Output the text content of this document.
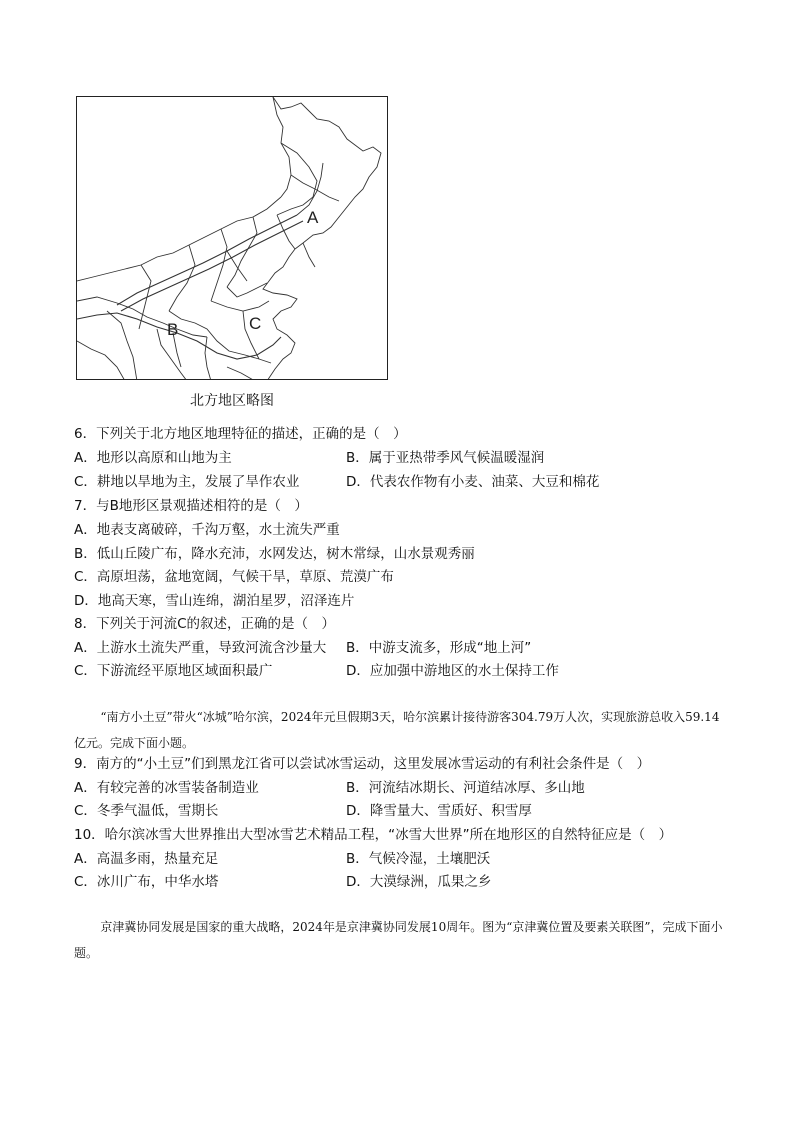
A
B	C
北方地区略图
6．下列关于北方地区地理特征的描述，正确的是（　）
A．地形以高原和山地为主	B．属于亚热带季风气候温暖湿润
C．耕地以旱地为主，发展了旱作农业	D．代表农作物有小麦、油菜、大豆和棉花
7．与B地形区景观描述相符的是（　）
A．地表支离破碎，千沟万壑，水土流失严重
B．低山丘陵广布，降水充沛，水网发达，树木常绿，山水景观秀丽
C．高原坦荡，盆地宽阔，气候干旱，草原、荒漠广布
D．地高天寒，雪山连绵，湖泊星罗，沼泽连片
8．下列关于河流C的叙述，正确的是（　）
A．上游水土流失严重，导致河流含沙量大 B．中游支流多，形成“地上河”
C．下游流经平原地区域面积最广	D．应加强中游地区的水土保持工作
“南方小土豆”带火“冰城”哈尔滨，2024年元旦假期3天，哈尔滨累计接待游客304.79万人次，实现旅游总收入59.14亿元。完成下面小题。
9．南方的“小土豆”们到黑龙江省可以尝试冰雪运动，这里发展冰雪运动的有利社会条件是（　）
A．有较完善的冰雪装备制造业	B．河流结冰期长、河道结冰厚、多山地
C．冬季气温低，雪期长	D．降雪量大、雪质好、积雪厚
10．哈尔滨冰雪大世界推出大型冰雪艺术精品工程，“冰雪大世界”所在地形区的自然特征应是（　）
A．高温多雨，热量充足	B．气候冷湿，土壤肥沃
C．冰川广布，中华水塔	D．大漠绿洲，瓜果之乡
京津冀协同发展是国家的重大战略，2024年是京津冀协同发展10周年。图为“京津冀位置及要素关联图”，完成下面小题。
